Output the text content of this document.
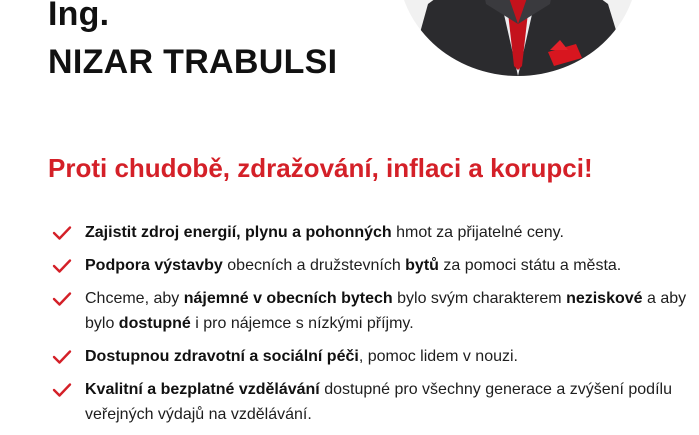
Ing.
NIZAR TRABULSI
Proti chudobě, zdražování, inflaci a korupci!
Zajistit zdroj energií, plynu a pohonných hmot za přijatelné ceny.
Podpora výstavby obecních a družstevních bytů za pomoci státu a města.
Chceme, aby nájemné v obecních bytech bylo svým charakterem neziskové a aby bylo dostupné i pro nájemce s nízkými příjmy.
Dostupnou zdravotní a sociální péči, pomoc lidem v nouzi.
Kvalitní a bezplatné vzdělávání dostupné pro všechny generace a zvýšení podílu veřejných výdajů na vzdělávání.
